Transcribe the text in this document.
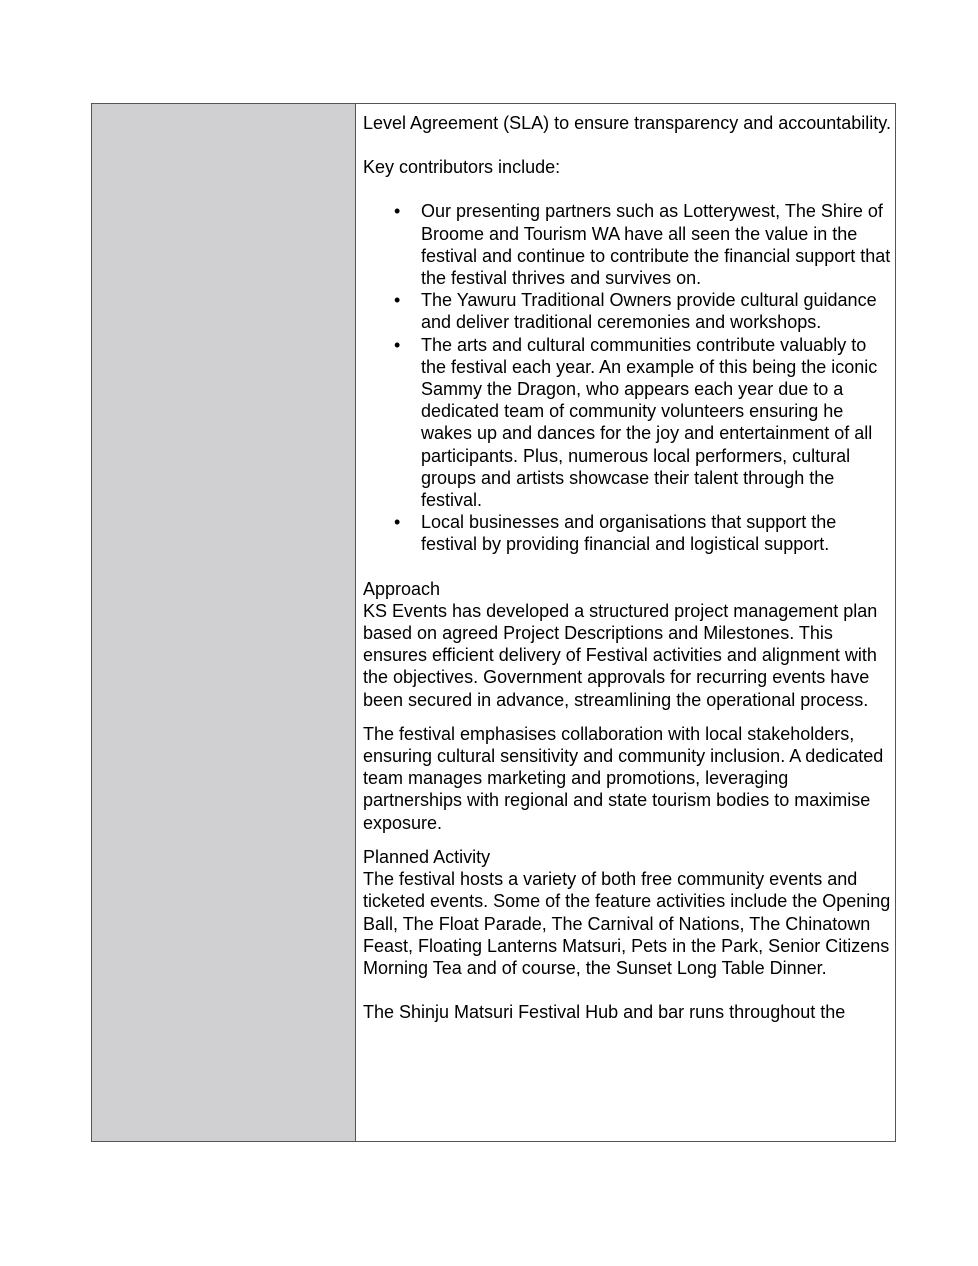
Level Agreement (SLA) to ensure transparency and accountability.

Key contributors include:

• Our presenting partners such as Lotterywest, The Shire of Broome and Tourism WA have all seen the value in the festival and continue to contribute the financial support that the festival thrives and survives on.
• The Yawuru Traditional Owners provide cultural guidance and deliver traditional ceremonies and workshops.
• The arts and cultural communities contribute valuably to the festival each year. An example of this being the iconic Sammy the Dragon, who appears each year due to a dedicated team of community volunteers ensuring he wakes up and dances for the joy and entertainment of all participants. Plus, numerous local performers, cultural groups and artists showcase their talent through the festival.
• Local businesses and organisations that support the festival by providing financial and logistical support.

Approach

KS Events has developed a structured project management plan based on agreed Project Descriptions and Milestones. This ensures efficient delivery of Festival activities and alignment with the objectives. Government approvals for recurring events have been secured in advance, streamlining the operational process.

The festival emphasises collaboration with local stakeholders, ensuring cultural sensitivity and community inclusion. A dedicated team manages marketing and promotions, leveraging partnerships with regional and state tourism bodies to maximise exposure.

Planned Activity

The festival hosts a variety of both free community events and ticketed events. Some of the feature activities include the Opening Ball, The Float Parade, The Carnival of Nations, The Chinatown Feast, Floating Lanterns Matsuri, Pets in the Park, Senior Citizens Morning Tea and of course, the Sunset Long Table Dinner.

The Shinju Matsuri Festival Hub and bar runs throughout the
